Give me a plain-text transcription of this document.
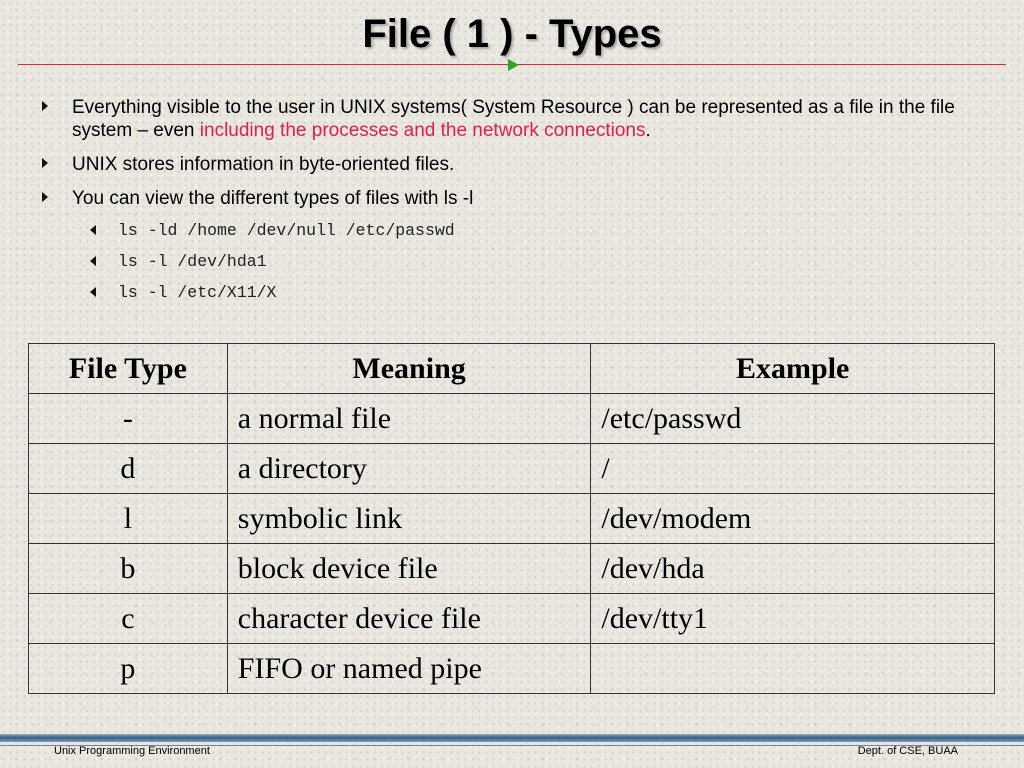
File ( 1 ) - Types
Everything visible to the user in UNIX systems( System Resource ) can be represented as a file in the file system – even including the processes and the network connections.
UNIX stores information in byte-oriented files.
You can view the different types of files with ls -l
ls -ld /home /dev/null /etc/passwd
ls -l /dev/hda1
ls -l /etc/X11/X
File Type	Meaning	Example
-	a normal file	/etc/passwd
d	a directory	/
l	symbolic link	/dev/modem
b	block device file	/dev/hda
c	character device file	/dev/tty1
p	FIFO or named pipe	
Unix Programming Environment	Dept. of CSE, BUAA
